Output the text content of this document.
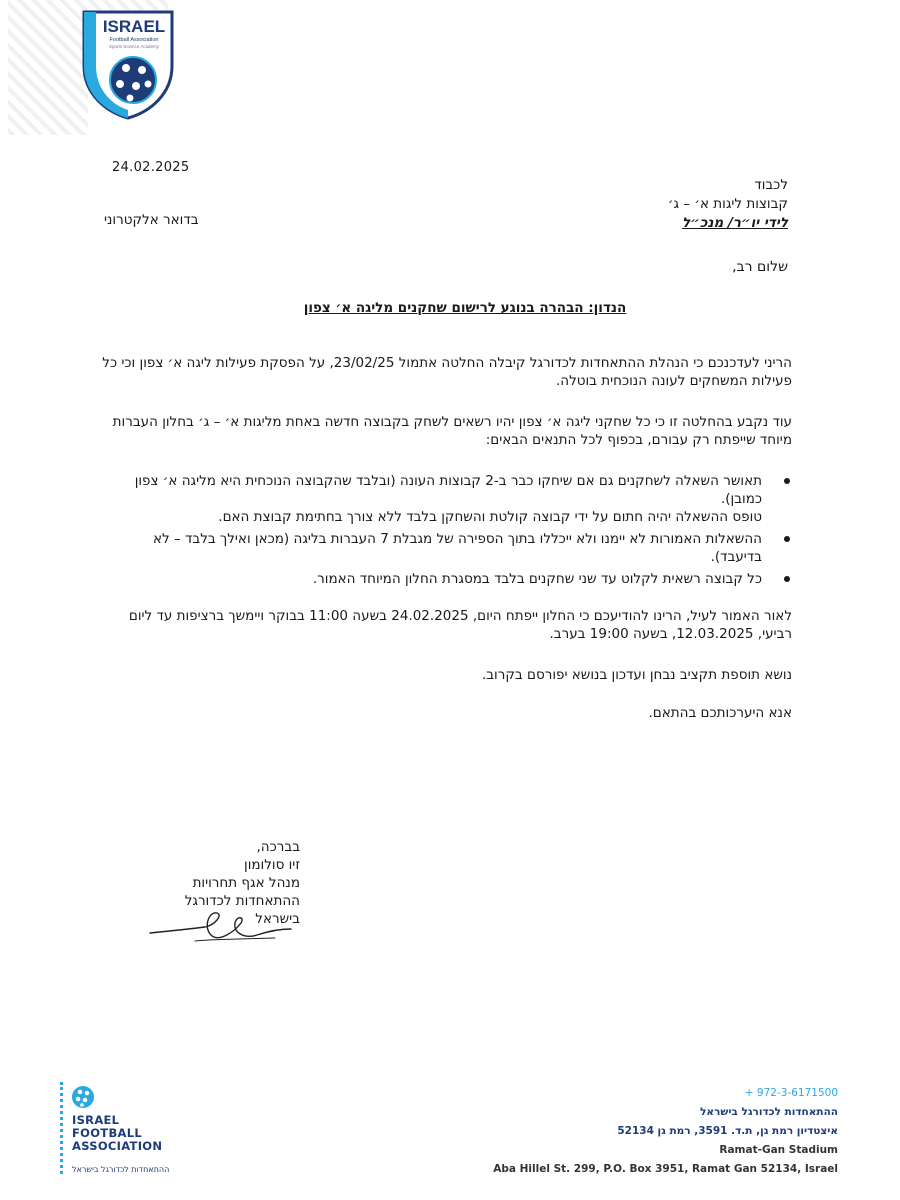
ISRAEL
Football Association
Sports Science Academy
24.02.2025
לכבוד
קבוצות ליגות א׳ – ג׳
לידי יו״ר/ מנכ״ל
בדואר אלקטרוני
שלום רב,
הנדון: הבהרה בנוגע לרישום שחקנים מליגה א׳ צפון
הריני לעדכנכם כי הנהלת ההתאחדות לכדורגל קיבלה החלטה אתמול 23/02/25, על הפסקת פעילות ליגה א׳ צפון וכי כל פעילות המשחקים לעונה הנוכחית בוטלה.
עוד נקבע בהחלטה זו כי כל שחקני ליגה א׳ צפון יהיו רשאים לשחק בקבוצה חדשה באחת מליגות א׳ – ג׳ בחלון העברות מיוחד שייפתח רק עבורם, בכפוף לכל התנאים הבאים:
תאושר השאלה לשחקנים גם אם שיחקו כבר ב-2 קבוצות העונה (ובלבד שהקבוצה הנוכחית היא מליגה א׳ צפון כמובן).
טופס ההשאלה יהיה חתום על ידי קבוצה קולטת והשחקן בלבד ללא צורך בחתימת קבוצת האם.
ההשאלות האמורות לא יימנו ולא ייכללו בתוך הספירה של מגבלת 7 העברות בליגה (מכאן ואילך בלבד – לא בדיעבד).
כל קבוצה רשאית לקלוט עד שני שחקנים בלבד במסגרת החלון המיוחד האמור.
לאור האמור לעיל, הרינו להודיעכם כי החלון ייפתח היום, 24.02.2025 בשעה 11:00 בבוקר ויימשך ברציפות עד ליום רביעי, 12.03.2025, בשעה 19:00 בערב.
נושא תוספת תקציב נבחן ועדכון בנושא יפורסם בקרוב.
אנא היערכותכם בהתאם.
בברכה,
זיו סולומון
מנהל אגף תחרויות
ההתאחדות לכדורגל בישראל
ISRAEL
FOOTBALL
ASSOCIATION
ההתאחדות לכדורגל בישראל
+ 972-3-6171500
ההתאחדות לכדורגל בישראל
איצטדיון רמת גן, ת.ד. 3591, רמת גן 52134
Ramat-Gan Stadium
Aba Hillel St. 299, P.O. Box 3951, Ramat Gan 52134, Israel
